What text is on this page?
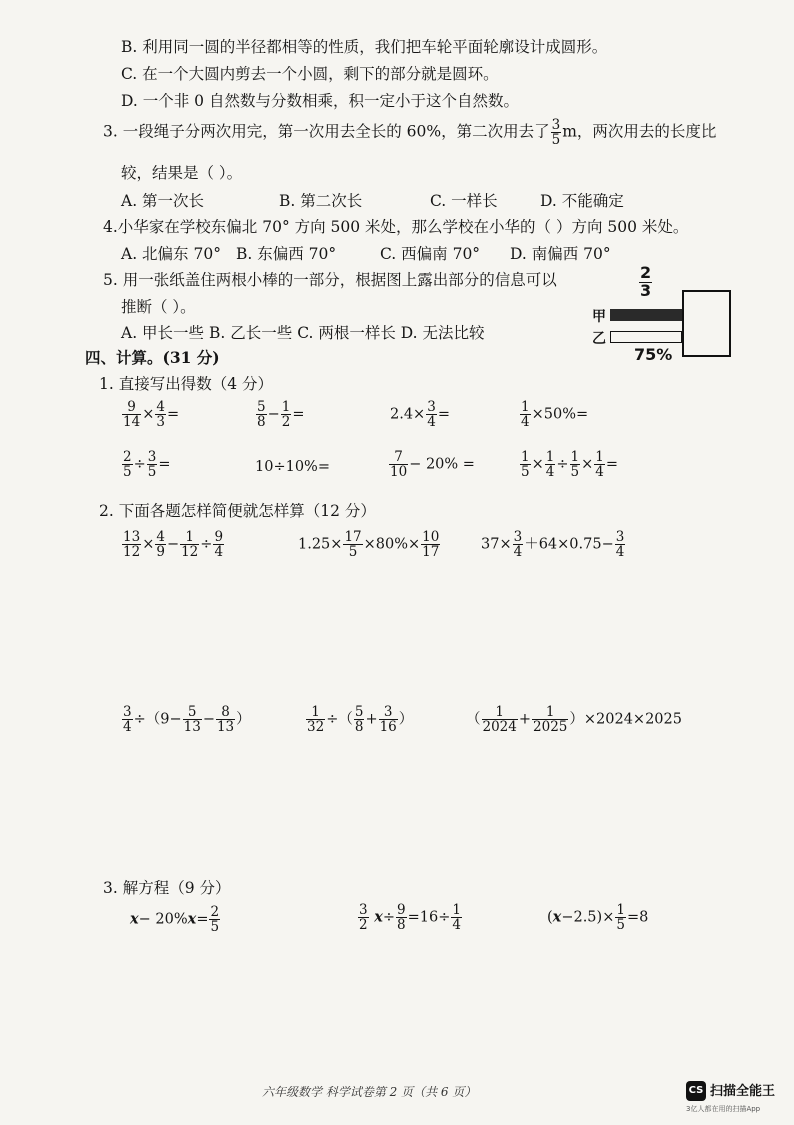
B. 利用同一圆的半径都相等的性质，我们把车轮平面轮廓设计成圆形。
C. 在一个大圆内剪去一个小圆，剩下的部分就是圆环。
D. 一个非 0 自然数与分数相乘，积一定小于这个自然数。
3. 一段绳子分两次用完，第一次用去全长的 60%，第二次用去了 $\frac{3}{5}$ m，两次用去的长度比
较，结果是（ ）。
A. 第一次长	B. 第二次长	C. 一样长	D. 不能确定
4.小华家在学校东偏北 70° 方向 500 米处，那么学校在小华的（ ）方向 500 米处。
A. 北偏东 70° B. 东偏西 70°	C. 西偏南 70° D. 南偏西 70°
5. 用一张纸盖住两根小棒的一部分，根据图上露出部分的信息可以
推断（ ）。
A. 甲长一些 B. 乙长一些 C. 两根一样长 D. 无法比较
$\frac{2}{3}$
甲
乙
75%
四、计算。(31 分)
1. 直接写出得数（4 分）
$\frac{9}{14} \times \frac{4}{3}$ =	$\frac{5}{8} - \frac{1}{2}$ =	$2.4\times \frac{3}{4}$ =	$\frac{1}{4} \times 50\%=$
$\frac{2}{5} \div \frac{3}{5}$ =	10÷10%=	$\frac{7}{10} - 20\%$ =	$\frac{1}{5} \times \frac{1}{4} \div \frac{1}{5} \times \frac{1}{4}$ =
2. 下面各题怎样简便就怎样算（12 分）
$\frac{13}{12} \times \frac{4}{9} - \frac{1}{12} \div \frac{9}{4}$	$1.25\times \frac{17}{5} \times 80\%\times \frac{10}{17}$	$37\times \frac{3}{4} +64\times 0.75- \frac{3}{4}$
$\frac{3}{4} \div(9- \frac{5}{13} - \frac{8}{13}$ ）	$\frac{1}{32}$ ÷（ $\frac{5}{8} + \frac{3}{16}$ ）	（ $\frac{1}{2024} + \frac{1}{2025} )\times 2024\times 2025$
3. 解方程（9 分）
$x- 20\%x= \frac{2}{5}$	$\frac{3}{2} x\div \frac{9}{8} =16\div \frac{1}{4}$	$(x-2.5)\times \frac{1}{5} =8$
六年级数学 科学试卷第 2 页（共 6 页）	CS 扫描全能王
3亿人都在用的扫描App
